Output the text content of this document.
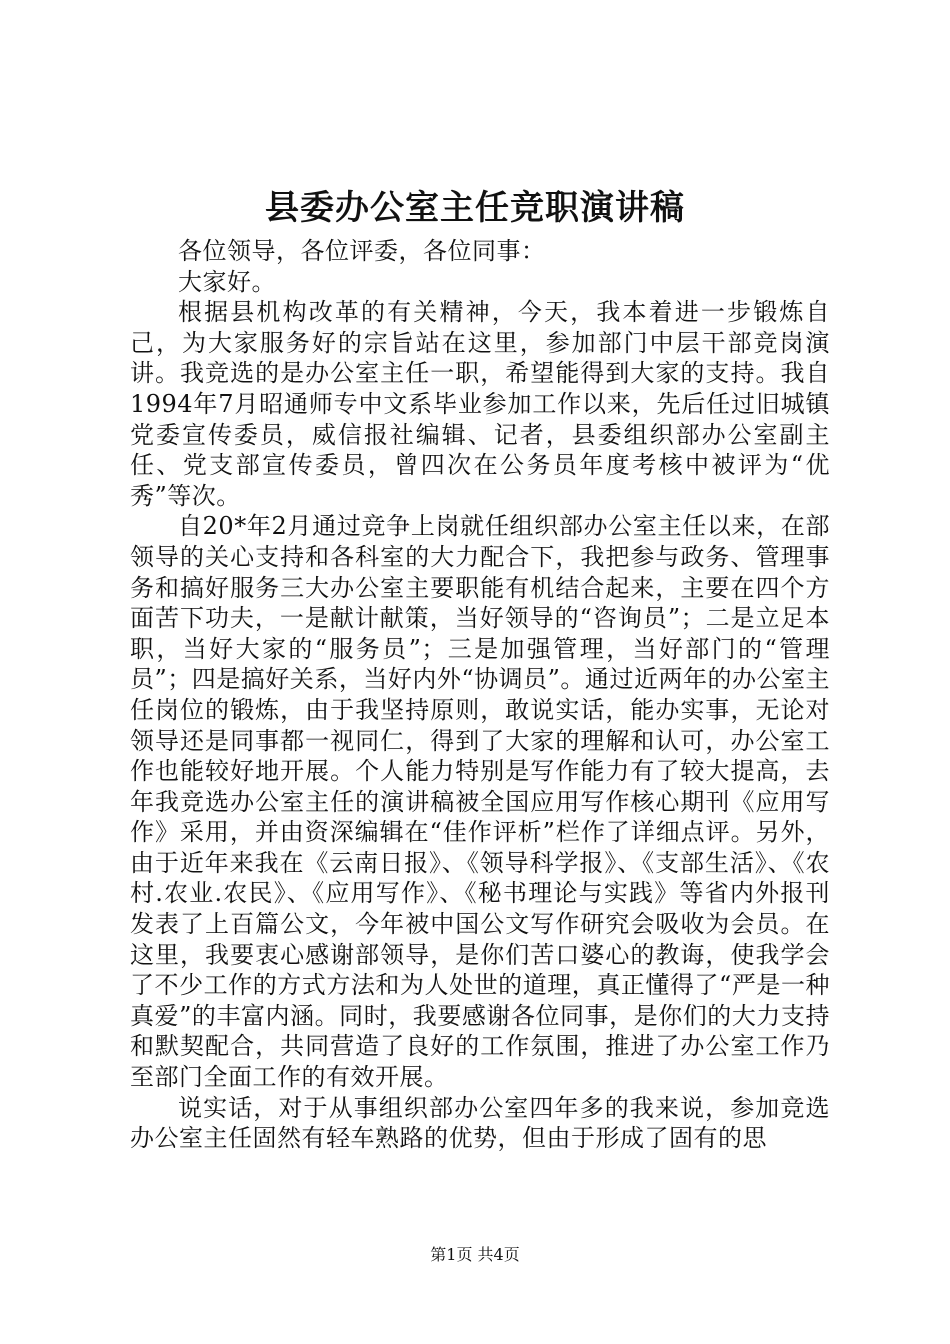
县委办公室主任竞职演讲稿

各位领导，各位评委，各位同事：

大家好。

根据县机构改革的有关精神，今天，我本着进一步锻炼自己，为大家服务好的宗旨站在这里，参加部门中层干部竞岗演讲。我竞选的是办公室主任一职，希望能得到大家的支持。我自1994年7月昭通师专中文系毕业参加工作以来，先后任过旧城镇党委宣传委员，威信报社编辑、记者，县委组织部办公室副主任、党支部宣传委员，曾四次在公务员年度考核中被评为“优秀”等次。

自20*年2月通过竞争上岗就任组织部办公室主任以来，在部领导的关心支持和各科室的大力配合下，我把参与政务、管理事务和搞好服务三大办公室主要职能有机结合起来，主要在四个方面苦下功夫，一是献计献策，当好领导的“咨询员”；二是立足本职，当好大家的“服务员”；三是加强管理，当好部门的“管理员”；四是搞好关系，当好内外“协调员”。通过近两年的办公室主任岗位的锻炼，由于我坚持原则，敢说实话，能办实事，无论对领导还是同事都一视同仁，得到了大家的理解和认可，办公室工作也能较好地开展。个人能力特别是写作能力有了较大提高，去年我竞选办公室主任的演讲稿被全国应用写作核心期刊《应用写作》采用，并由资深编辑在“佳作评析”栏作了详细点评。另外，由于近年来我在《云南日报》、《领导科学报》、《支部生活》、《农村.农业.农民》、《应用写作》、《秘书理论与实践》等省内外报刊发表了上百篇公文，今年被中国公文写作研究会吸收为会员。在这里，我要衷心感谢部领导，是你们苦口婆心的教诲，使我学会了不少工作的方式方法和为人处世的道理，真正懂得了“严是一种真爱”的丰富内涵。同时，我要感谢各位同事，是你们的大力支持和默契配合，共同营造了良好的工作氛围，推进了办公室工作乃至部门全面工作的有效开展。

说实话，对于从事组织部办公室四年多的我来说，参加竞选办公室主任固然有轻车熟路的优势，但由于形成了固有的思

第1页 共4页
